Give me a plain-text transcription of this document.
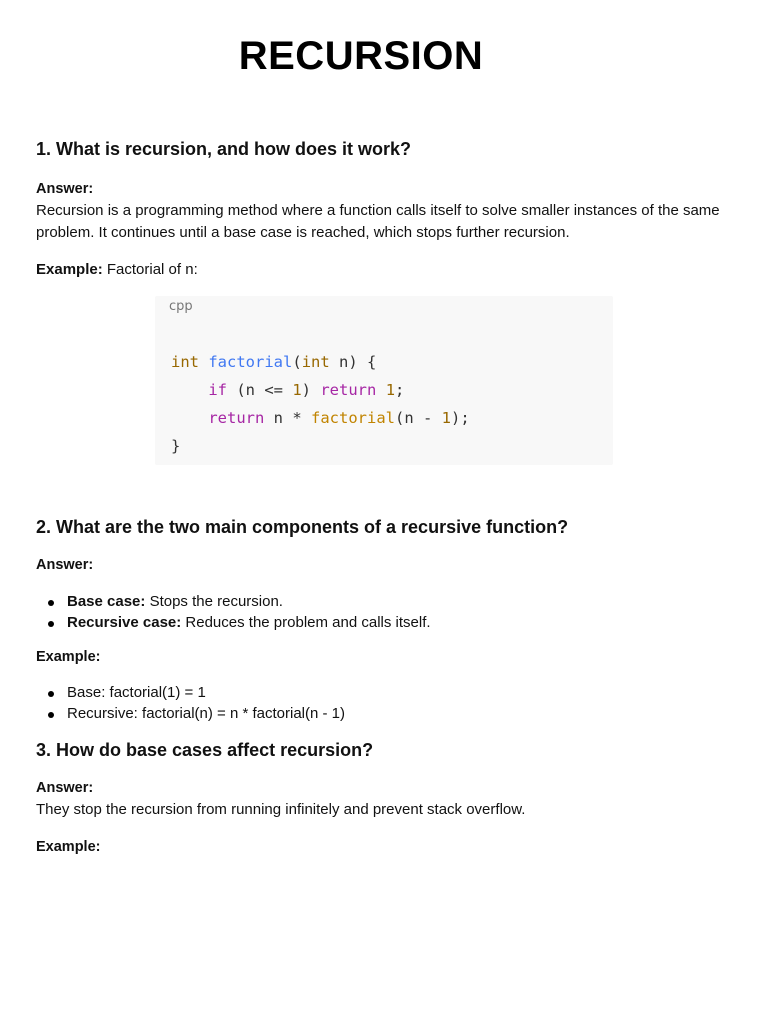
RECURSION
1. What is recursion, and how does it work?
Answer:
Recursion is a programming method where a function calls itself to solve smaller instances of the same problem. It continues until a base case is reached, which stops further recursion.
Example: Factorial of n:
cpp
int factorial(int n) {
if (n <= 1) return 1;
return n * factorial(n - 1);
}
2. What are the two main components of a recursive function?
Answer:
Base case: Stops the recursion.
Recursive case: Reduces the problem and calls itself.
Example:
Base: factorial(1) = 1
Recursive: factorial(n) = n * factorial(n - 1)
3. How do base cases affect recursion?
Answer:
They stop the recursion from running infinitely and prevent stack overflow.
Example:
